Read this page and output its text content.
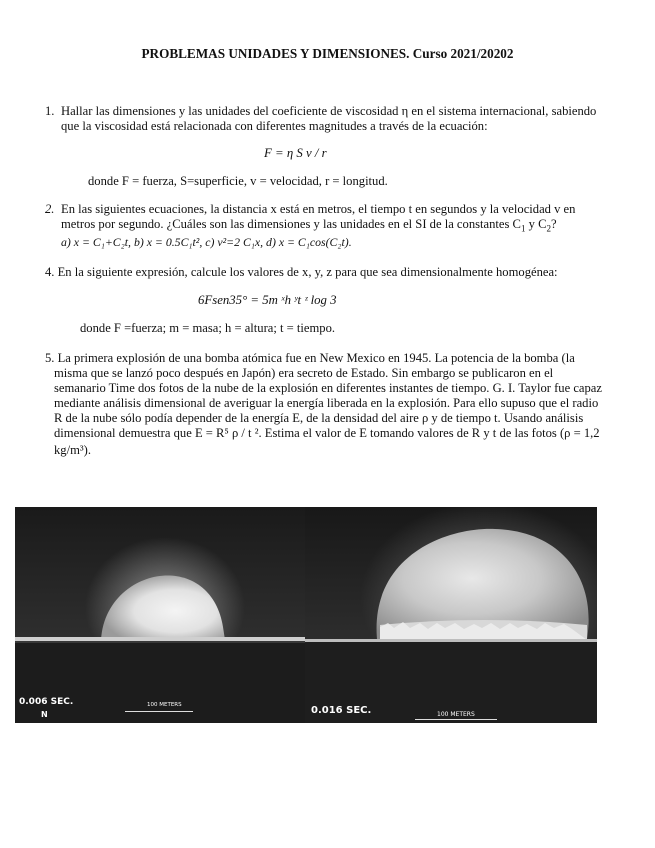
PROBLEMAS UNIDADES Y DIMENSIONES. Curso 2021/20202
1. Hallar las dimensiones y las unidades del coeficiente de viscosidad η en el sistema internacional, sabiendo
que la viscosidad está relacionada con diferentes magnitudes a través de la ecuación:
F = η S v / r
donde F = fuerza, S=superficie, v = velocidad, r = longitud.
2. En las siguientes ecuaciones, la distancia x está en metros, el tiempo t en segundos y la velocidad v en
metros por segundo. ¿Cuáles son las dimensiones y las unidades en el SI de la constantes $C_1$ y $C_2$?
a) x = C₁+C₂t, b) x = 0.5C₁t², c) v²=2 C₁x, d) x = C₁cos(C₂t).
4. En la siguiente expresión, calcule los valores de x, y, z para que sea dimensionalmente homogénea:
6Fsen35° = 5m ˣh ʸt ᶻ log 3
donde F =fuerza; m = masa; h = altura; t = tiempo.
5. La primera explosión de una bomba atómica fue en New Mexico en 1945. La potencia de la bomba (la
misma que se lanzó poco después en Japón) era secreto de Estado. Sin embargo se publicaron en el
semanario Time dos fotos de la nube de la explosión en diferentes instantes de tiempo. G. I. Taylor fue capaz
mediante análisis dimensional de averiguar la energía liberada en la explosión. Para ello supuso que el radio
R de la nube sólo podía depender de la energía E, de la densidad del aire ρ y de tiempo t. Usando análisis
dimensional demuestra que E = R⁵ ρ / t ². Estima el valor de E tomando valores de R y t de las fotos (ρ = 1,2
kg/m³).
0.006 SEC.
N
100 METERS	0.016 SEC.	100 METERS
